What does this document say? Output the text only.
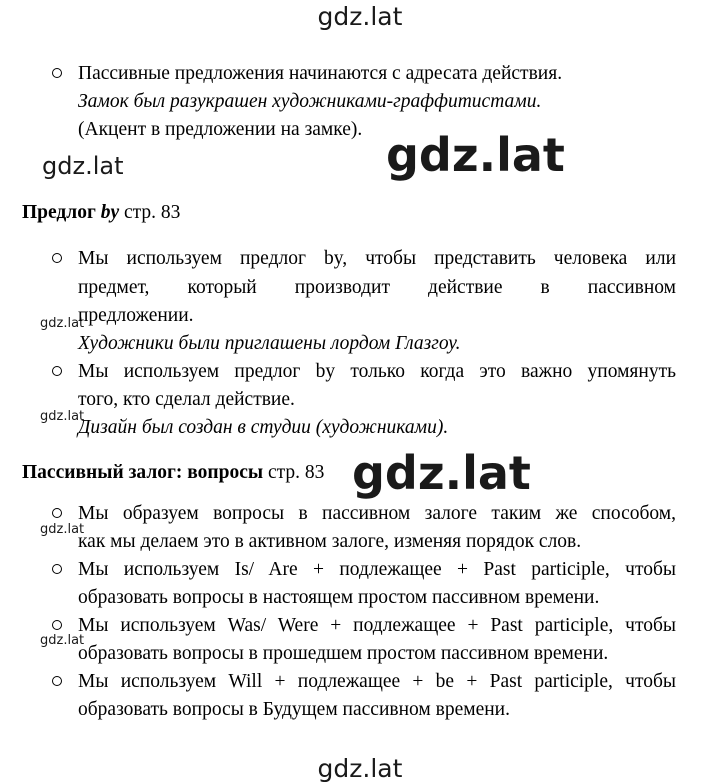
gdz.lat
gdz.lat
gdz.lat
gdz.lat
gdz.lat
gdz.lat
gdz.lat
gdz.lat
gdz.lat
Пассивные предложения начинаются с адресата действия.
Замок был разукрашен художниками-граффитистами.
(Акцент в предложении на замке).
Предлог by стр. 83
Мы используем предлог by, чтобы представить человека или
предмет, который производит действие в пассивном
предложении.
Художники были приглашены лордом Глазгоу.
Мы используем предлог by только когда это важно упомянуть
того, кто сделал действие.
Дизайн был создан в студии (художниками).
Пассивный залог: вопросы стр. 83
Мы образуем вопросы в пассивном залоге таким же способом,
как мы делаем это в активном залоге, изменяя порядок слов.
Мы используем Is/ Are + подлежащее + Past participle, чтобы
образовать вопросы в настоящем простом пассивном времени.
Мы используем Was/ Were + подлежащее + Past participle, чтобы
образовать вопросы в прошедшем простом пассивном времени.
Мы используем Will + подлежащее + be + Past participle, чтобы
образовать вопросы в Будущем пассивном времени.
